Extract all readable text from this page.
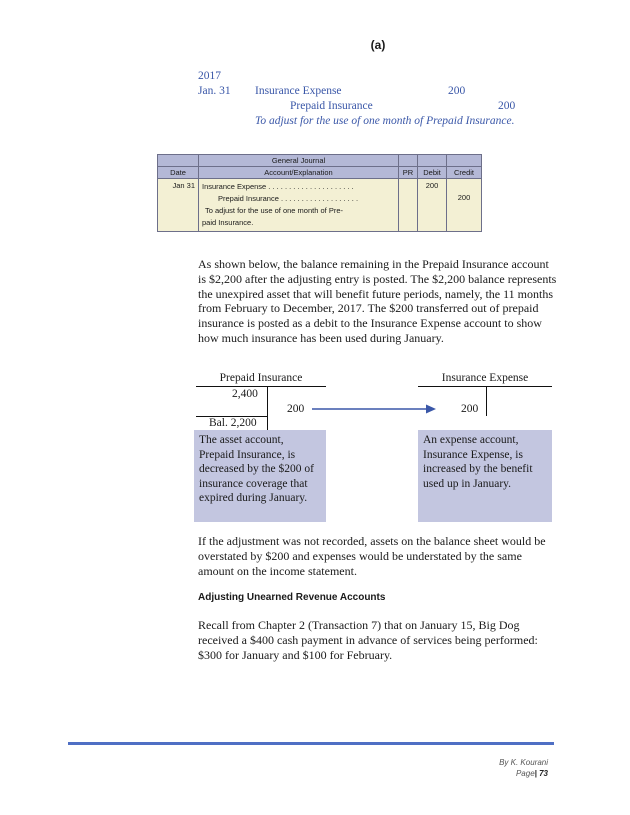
(a)
2017
Jan. 31 Insurance Expense	200
Prepaid Insurance	200
To adjust for the use of one month of Prepaid Insurance.
	General Journal			
Date	Account/Explanation	PR	Debit	Credit
Jan 31	Insurance Expense . . . . . . . . . . . . . . . . . . . . .
Prepaid Insurance . . . . . . . . . . . . . . . . . . .
To adjust for the use of one month of Pre-
paid Insurance.		200	200
As shown below, the balance remaining in the Prepaid Insurance account is $2,200 after the adjusting entry is posted. The $2,200 balance represents the unexpired asset that will benefit future periods, namely, the 11 months from February to December, 2017. The $200 transferred out of prepaid insurance is posted as a debit to the Insurance Expense account to show how much insurance has been used during January.
Prepaid Insurance
2,400
200
Bal. 2,200
Insurance Expense
200
The asset account, Prepaid Insurance, is decreased by the $200 of insurance coverage that expired during January.
An expense account, Insurance Expense, is increased by the benefit used up in January.
If the adjustment was not recorded, assets on the balance sheet would be overstated by $200 and expenses would be understated by the same amount on the income statement.
Adjusting Unearned Revenue Accounts
Recall from Chapter 2 (Transaction 7) that on January 15, Big Dog received a $400 cash payment in advance of services being performed: $300 for January and $100 for February.
By K. Kourani
Page| 73
